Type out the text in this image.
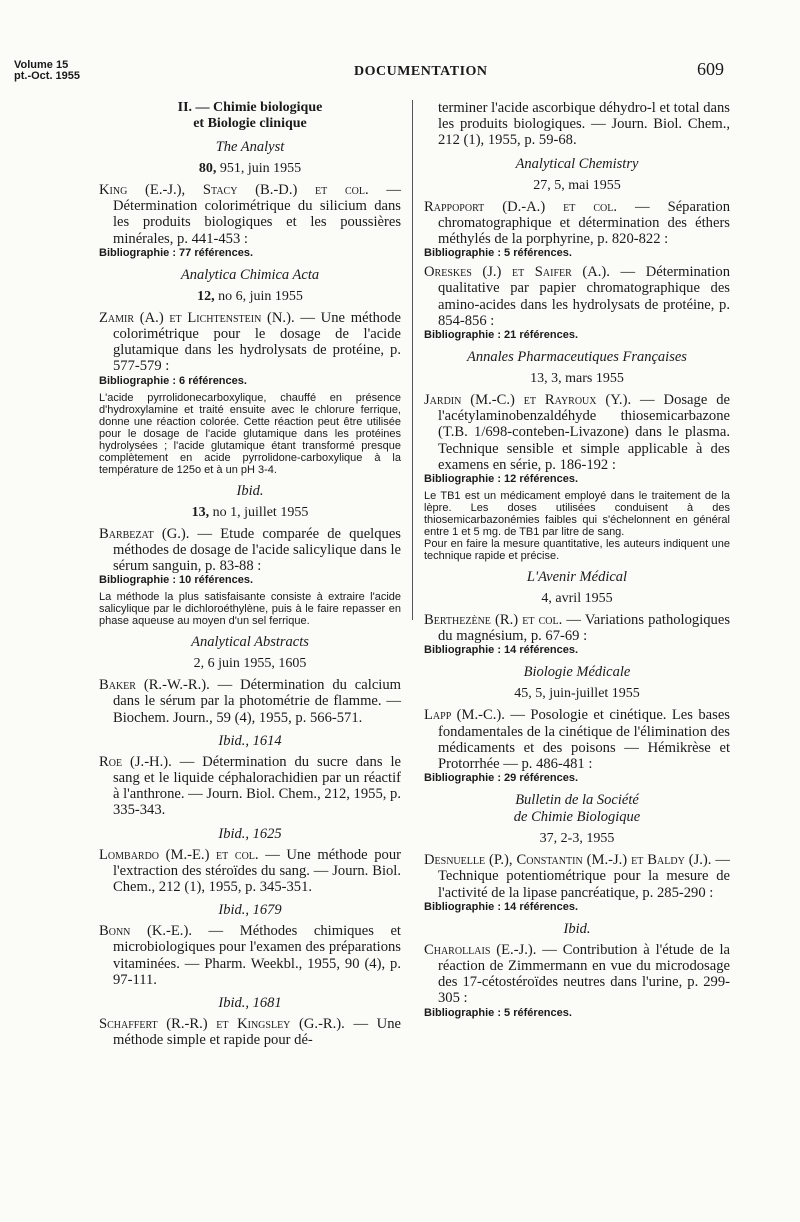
Volume 15
pt.-Oct. 1955	DOCUMENTATION	609
II. — Chimie biologique
et Biologie clinique
The Analyst
80, 951, juin 1955

King (E.-J.), Stacy (B.-D.) et col. — Détermination colorimétrique du silicium dans les produits biologiques et les poussières minérales, p. 441-453 :

Bibliographie : 77 références.
Analytica Chimica Acta
12, no 6, juin 1955

Zamir (A.) et Lichtenstein (N.). — Une méthode colorimétrique pour le dosage de l'acide glutamique dans les hydrolysats de protéine, p. 577-579 :

Bibliographie : 6 références.
L'acide pyrrolidonecarboxylique, chauffé en présence d'hydroxylamine et traité ensuite avec le chlorure ferrique, donne une réaction colorée. Cette réaction peut être utilisée pour le dosage de l'acide glutamique dans les protéines hydrolysées ; l'acide glutamique étant transformé presque complètement en acide pyrrolidone-carboxylique à la température de 125o et à un pH 3-4.
Ibid.
13, no 1, juillet 1955

Barbezat (G.). — Etude comparée de quelques méthodes de dosage de l'acide salicylique dans le sérum sanguin, p. 83-88 :

Bibliographie : 10 références.
La méthode la plus satisfaisante consiste à extraire l'acide salicylique par le dichloroéthylène, puis à le faire repasser en phase aqueuse au moyen d'un sel ferrique.
Analytical Abstracts
2, 6 juin 1955, 1605

Baker (R.-W.-R.). — Détermination du calcium dans le sérum par la photométrie de flamme. — Biochem. Journ., 59 (4), 1955, p. 566-571.

Ibid., 1614

Roe (J.-H.). — Détermination du sucre dans le sang et le liquide céphalorachidien par un réactif à l'anthrone. — Journ. Biol. Chem., 212, 1955, p. 335-343.

Ibid., 1625

Lombardo (M.-E.) et col. — Une méthode pour l'extraction des stéroïdes du sang. — Journ. Biol. Chem., 212 (1), 1955, p. 345-351.

Ibid., 1679

Bonn (K.-E.). — Méthodes chimiques et microbiologiques pour l'examen des préparations vitaminées. — Pharm. Weekbl., 1955, 90 (4), p. 97-111.

Ibid., 1681

Schaffert (R.-R.) et Kingsley (G.-R.). — Une méthode simple et rapide pour dé-

terminer l'acide ascorbique déhydro-l et total dans les produits biologiques. — Journ. Biol. Chem., 212 (1), 1955, p. 59-68.

Analytical Chemistry
27, 5, mai 1955

Rappoport (D.-A.) et col. — Séparation chromatographique et détermination des éthers méthylés de la porphyrine, p. 820-822 :

Bibliographie : 5 références.

Oreskes (J.) et Saifer (A.). — Détermination qualitative par papier chromatographique des amino-acides dans les hydrolysats de protéine, p. 854-856 :

Bibliographie : 21 références.
Annales Pharmaceutiques Françaises
13, 3, mars 1955

Jardin (M.-C.) et Rayroux (Y.). — Dosage de l'acétylaminobenzaldéhyde thiosemicarbazone (T.B. 1/698-conteben-Livazone) dans le plasma. Technique sensible et simple applicable à des examens en série, p. 186-192 :

Bibliographie : 12 références.

Le TB1 est un médicament employé dans le traitement de la lèpre. Les doses utilisées conduisent à des thiosemicarbazonémies faibles qui s'échelonnent en général entre 1 et 5 mg. de TB1 par litre de sang.

Pour en faire la mesure quantitative, les auteurs indiquent une technique rapide et précise.

L'Avenir Médical
4, avril 1955

Berthezène (R.) et col. — Variations pathologiques du magnésium, p. 67-69 :

Bibliographie : 14 références.
Biologie Médicale
45, 5, juin-juillet 1955

Lapp (M.-C.). — Posologie et cinétique. Les bases fondamentales de la cinétique de l'élimination des médicaments et des poisons — Hémikrèse et Protorrhée — p. 486-481 :

Bibliographie : 29 références.
Bulletin de la Société
de Chimie Biologique
37, 2-3, 1955

Desnuelle (P.), Constantin (M.-J.) et Baldy (J.). — Technique potentiométrique pour la mesure de l'activité de la lipase pancréatique, p. 285-290 :

Bibliographie : 14 références.
Ibid.

Charollais (E.-J.). — Contribution à l'étude de la réaction de Zimmermann en vue du microdosage des 17-cétostéroïdes neutres dans l'urine, p. 299-305 :

Bibliographie : 5 références.
